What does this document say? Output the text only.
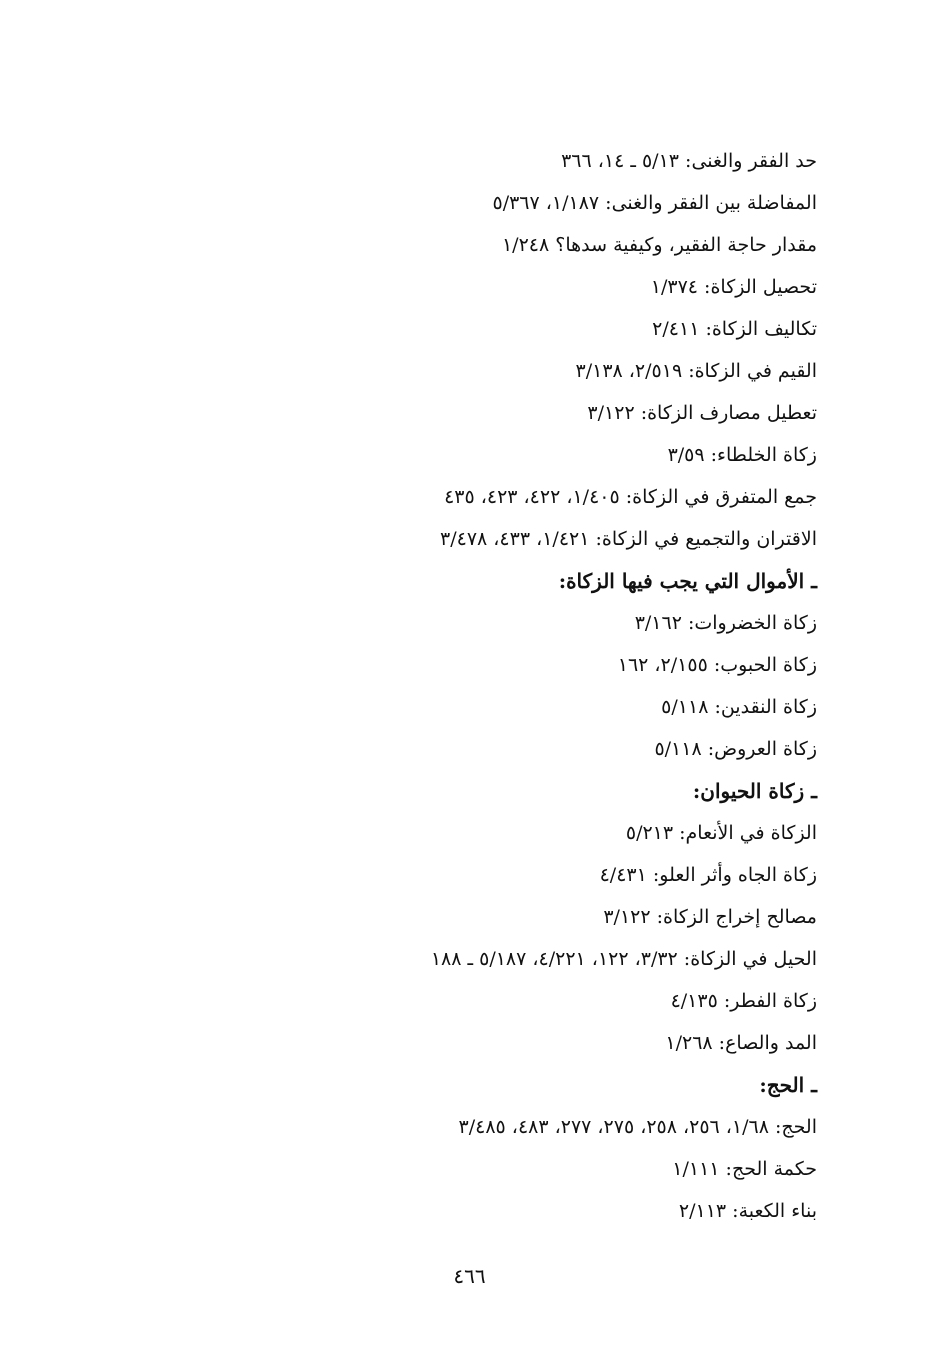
حد الفقر والغنى: ٥/١٣ ـ ١٤، ٣٦٦
المفاضلة بين الفقر والغنى: ١/١٨٧، ٥/٣٦٧
مقدار حاجة الفقير، وكيفية سدها؟ ١/٢٤٨
تحصيل الزكاة: ١/٣٧٤
تكاليف الزكاة: ٢/٤١١
القيم في الزكاة: ٢/٥١٩، ٣/١٣٨
تعطيل مصارف الزكاة: ٣/١٢٢
زكاة الخلطاء: ٣/٥٩
جمع المتفرق في الزكاة: ١/٤٠٥، ٤٢٢، ٤٢٣، ٤٣٥
الاقتران والتجميع في الزكاة: ١/٤٢١، ٤٣٣، ٣/٤٧٨
ـ الأموال التي يجب فيها الزكاة:
زكاة الخضروات: ٣/١٦٢
زكاة الحبوب: ٢/١٥٥، ١٦٢
زكاة النقدين: ٥/١١٨
زكاة العروض: ٥/١١٨
ـ زكاة الحيوان:
الزكاة في الأنعام: ٥/٢١٣
زكاة الجاه وأثر العلو: ٤/٤٣١
مصالح إخراج الزكاة: ٣/١٢٢
الحيل في الزكاة: ٣/٣٢، ١٢٢، ٤/٢٢١، ٥/١٨٧ ـ ١٨٨
زكاة الفطر: ٤/١٣٥
المد والصاع: ١/٢٦٨
ـ الحج:
الحج: ١/٦٨، ٢٥٦، ٢٥٨، ٢٧٥، ٢٧٧، ٤٨٣، ٣/٤٨٥
حكمة الحج: ١/١١١
بناء الكعبة: ٢/١١٣
٤٦٦
